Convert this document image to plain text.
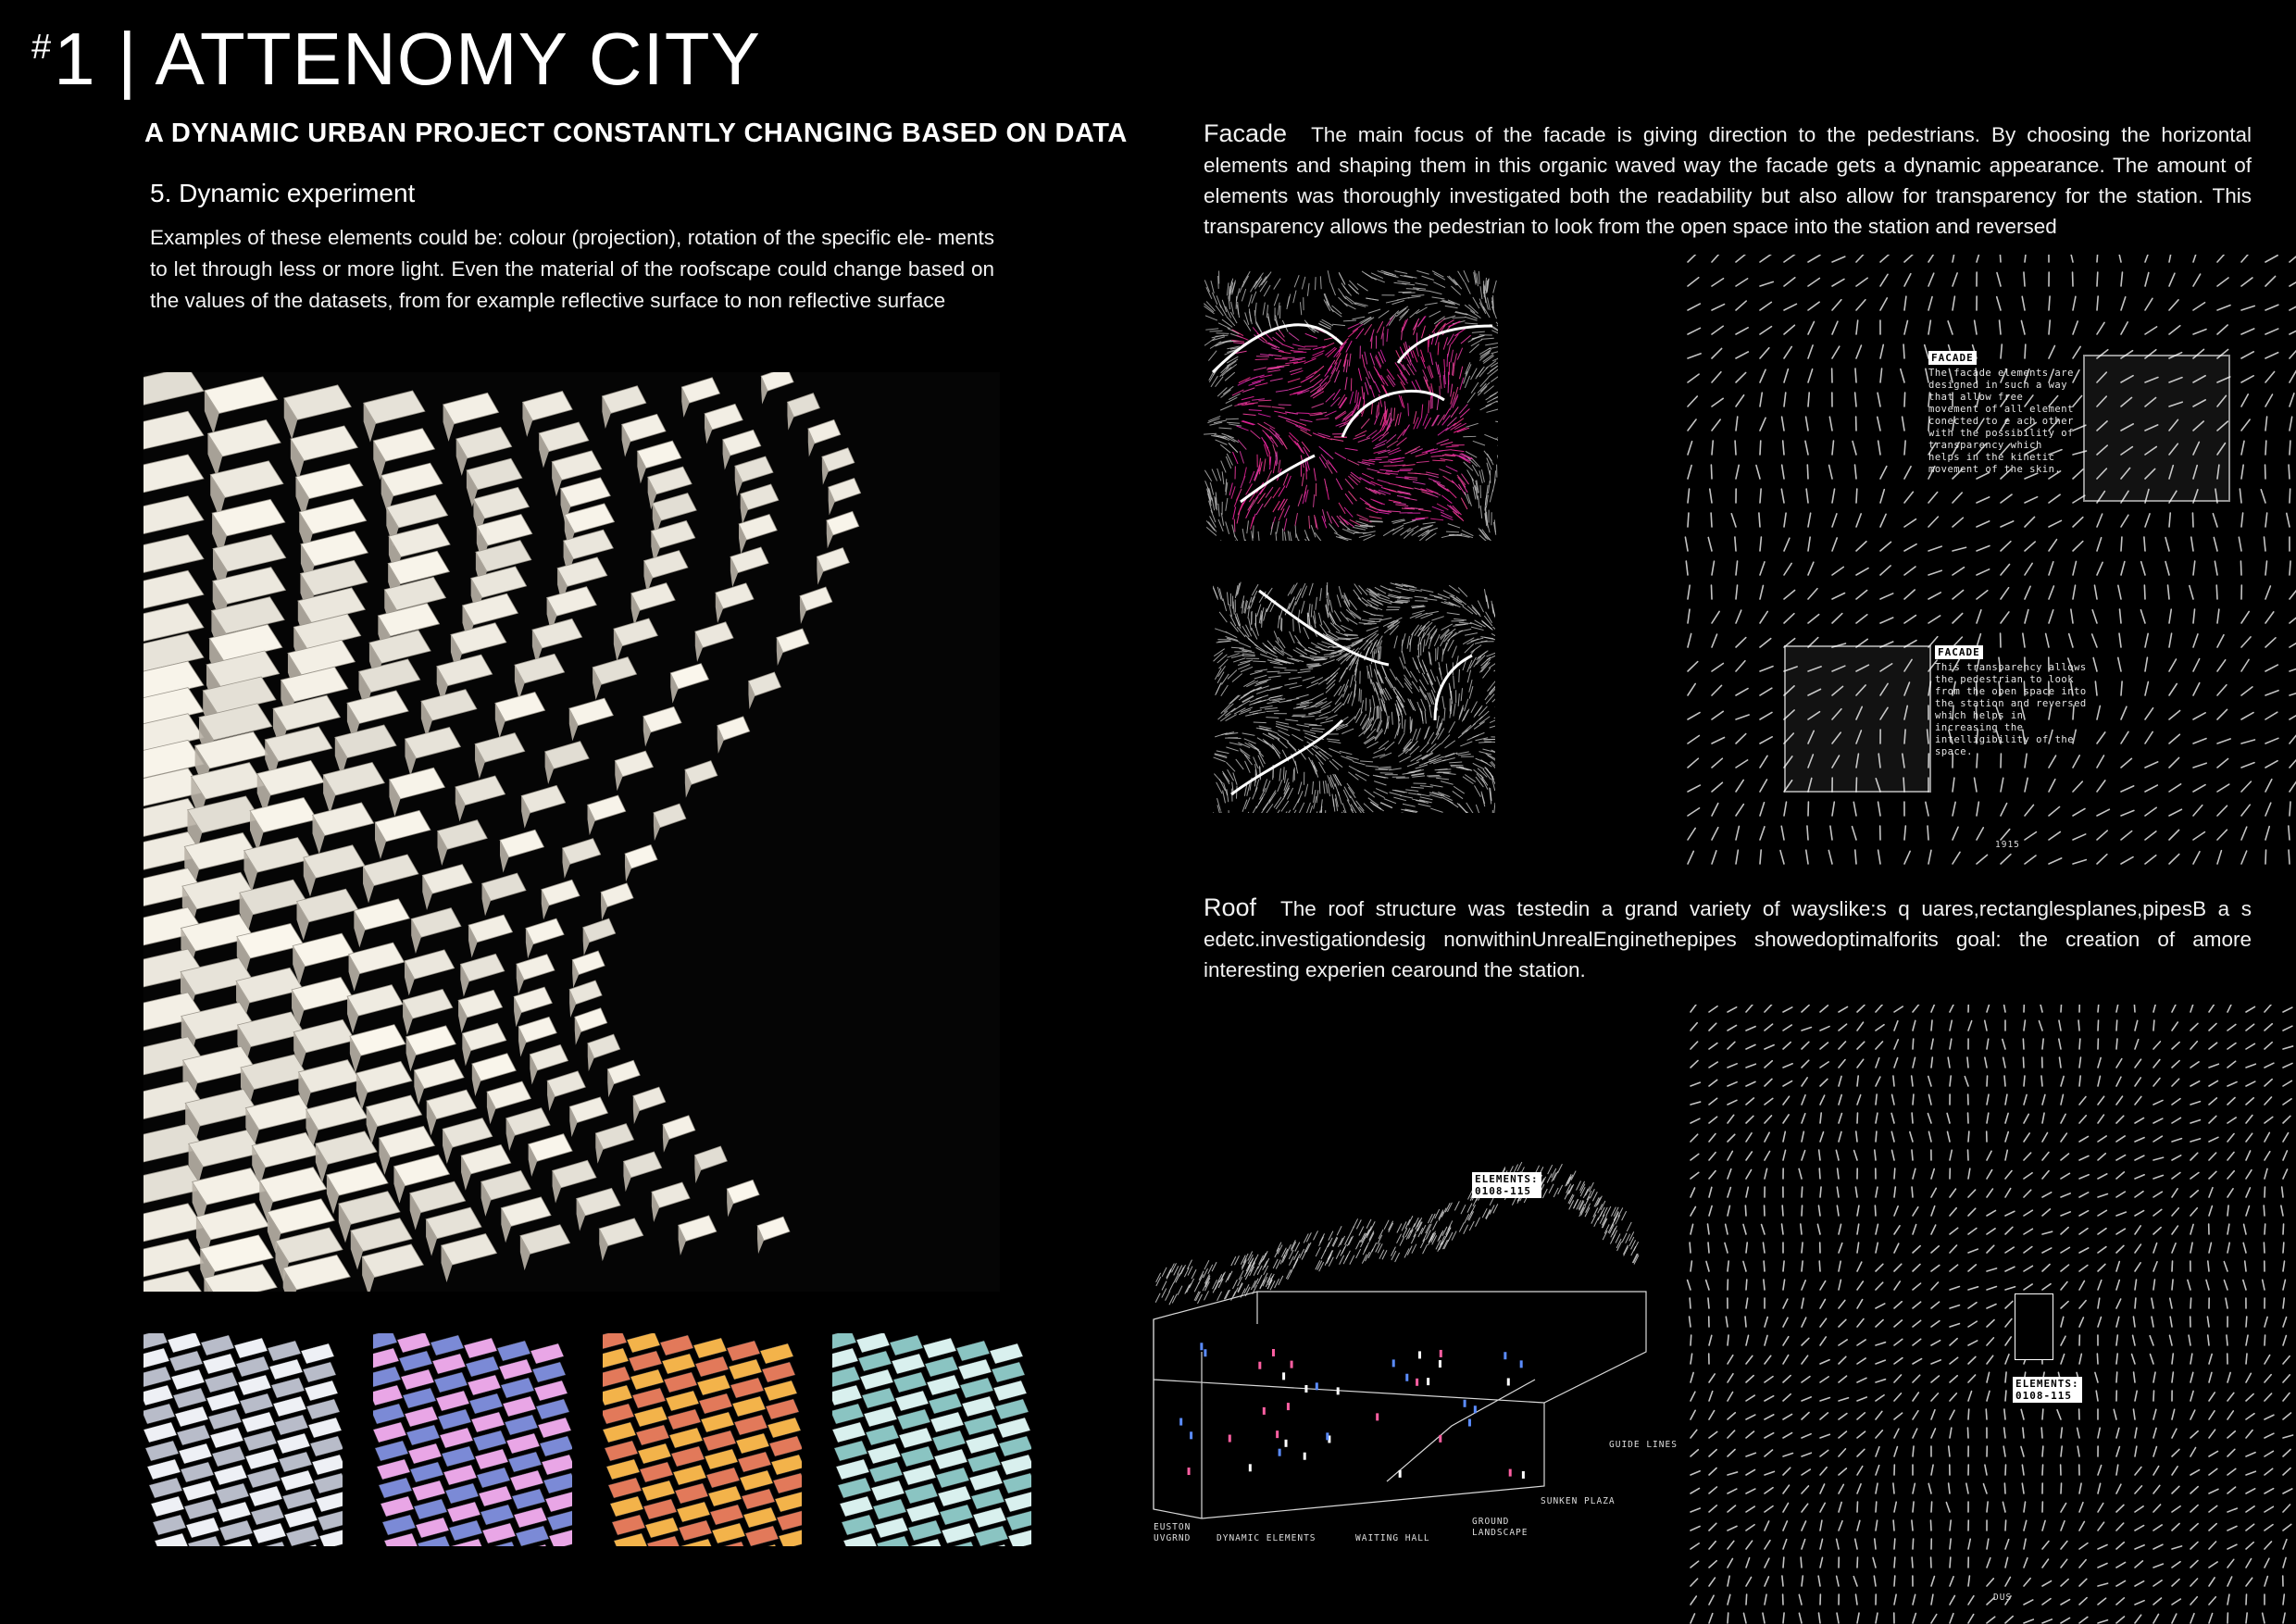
#1 | ATTENOMY CITY
A DYNAMIC URBAN PROJECT CONSTANTLY CHANGING BASED ON DATA
5. Dynamic experiment
Examples of these elements could be: colour (projection), rotation of the specific ele- ments to let through less or more light. Even the material of the roofscape could change based on the values of the datasets, from for example reflective surface to non reflective surface
Facade The main focus of the facade is giving direction to the pedestrians. By choosing the horizontal elements and shaping them in this organic waved way the facade gets a dynamic appearance. The amount of elements was thoroughly investigated both the readability but also allow for transparency for the station. This transparency allows the pedestrian to look from the open space into the station and reversed
FACADE
The facade elements are designed in such a way that allow free movement of all element conected to e ach other with the possibility of transparency which helps in the kinetic movement of the skin.
FACADE
This transparency allows the pedestrian to look from the open space into the station and reversed which helps in increasing the intelligibility of the space.
1915
Roof The roof structure was testedin a grand variety of wayslike:s q uares,rectanglesplanes,pipesB a s edetc.investigationdesig nonwithinUnrealEnginethepipes showedoptimalforits goal: the creation of amore interesting experien cearound the station.
ELEMENTS:
0108-115
GUIDE LINES
SUNKEN PLAZA
GROUND
LANDSCAPE
WAITING HALL
DYNAMIC ELEMENTS
EUSTON
UVGRND
ELEMENTS:
0108-115
DUS
